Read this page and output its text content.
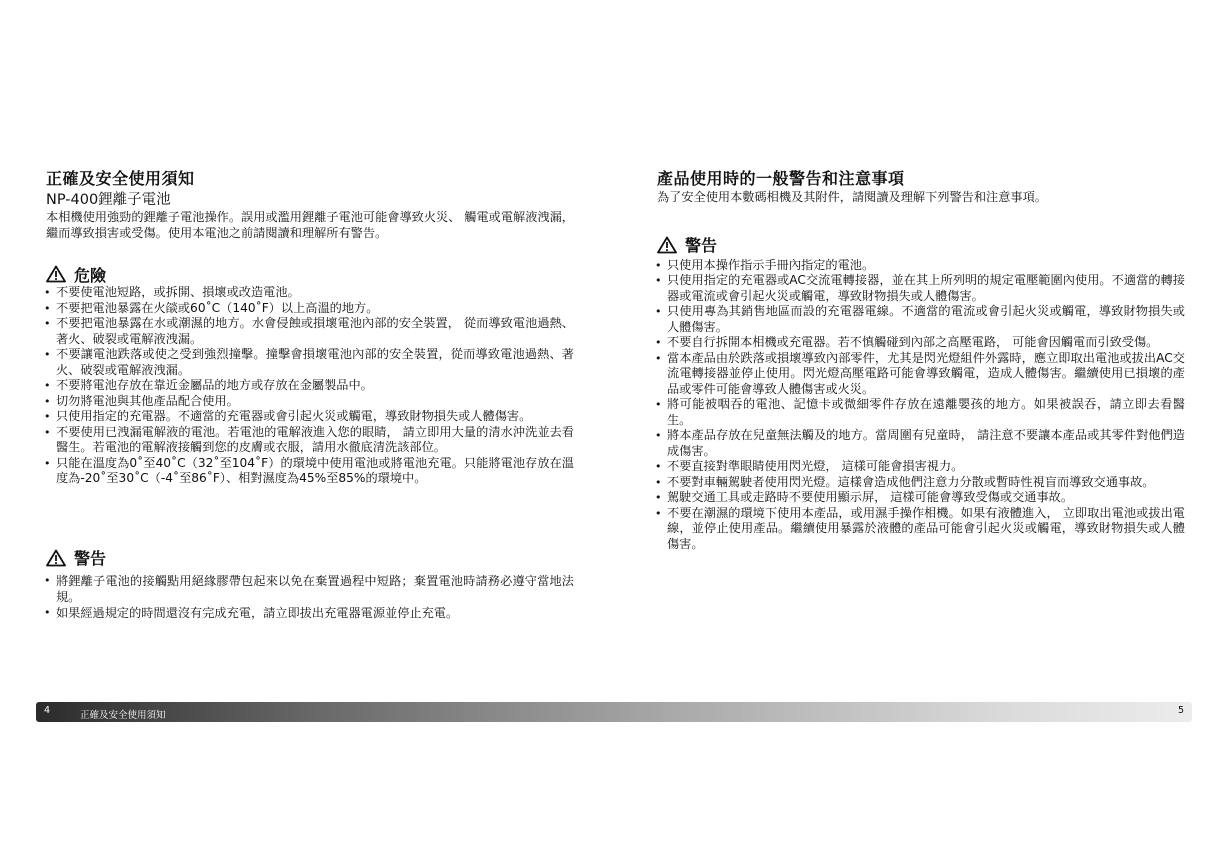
正確及安全使用須知
NP-400鋰離子電池

本相機使用強勁的鋰離子電池操作。誤用或濫用鋰離子電池可能會導致火災、 觸電或電解液洩漏，繼而導致損害或受傷。使用本電池之前請閱讀和理解所有警告。

危險
• 不要使電池短路，或拆開、損壞或改造電池。
• 不要把電池暴露在火燄或60˚C（140˚F）以上高溫的地方。
• 不要把電池暴露在水或潮濕的地方。水會侵蝕或損壞電池內部的安全裝置， 從而導致電池過熱、著火、破裂或電解液洩漏。
• 不要讓電池跌落或使之受到強烈撞擊。撞擊會損壞電池內部的安全裝置，從而導致電池過熱、著火、破裂或電解液洩漏。
• 不要將電池存放在靠近金屬品的地方或存放在金屬製品中。
• 切勿將電池與其他產品配合使用。
• 只使用指定的充電器。不適當的充電器或會引起火災或觸電，導致財物損失或人體傷害。
• 不要使用已洩漏電解液的電池。若電池的電解液進入您的眼睛， 請立即用大量的清水沖洗並去看醫生。若電池的電解液接觸到您的皮膚或衣服，請用水徹底清洗該部位。
• 只能在溫度為0˚至40˚C（32˚至104˚F）的環境中使用電池或將電池充電。只能將電池存放在溫度為-20˚至30˚C（-4˚至86˚F）、相對濕度為45%至85%的環境中。
警告
• 將鋰離子電池的接觸點用絕緣膠帶包起來以免在棄置過程中短路；棄置電池時請務必遵守當地法規。
• 如果經過規定的時間還沒有完成充電，請立即拔出充電器電源並停止充電。
產品使用時的一般警告和注意事項

為了安全使用本數碼相機及其附件，請閱讀及理解下列警告和注意事項。

警告
• 只使用本操作指示手冊內指定的電池。
• 只使用指定的充電器或AC交流電轉接器，並在其上所列明的規定電壓範圍內使用。不適當的轉接器或電流或會引起火災或觸電，導致財物損失或人體傷害。
• 只使用專為其銷售地區而設的充電器電線。不適當的電流或會引起火災或觸電，導致財物損失或人體傷害。
• 不要自行拆開本相機或充電器。若不慎觸碰到內部之高壓電路， 可能會因觸電而引致受傷。
• 當本產品由於跌落或損壞導致內部零件，尤其是閃光燈組件外露時，應立即取出電池或拔出AC交流電轉接器並停止使用。閃光燈高壓電路可能會導致觸電，造成人體傷害。繼續使用已損壞的產品或零件可能會導致人體傷害或火災。
• 將可能被咽吞的電池、記憶卡或微細零件存放在遠離嬰孩的地方。如果被誤吞，請立即去看醫生。
• 將本產品存放在兒童無法觸及的地方。當周圍有兒童時， 請注意不要讓本產品或其零件對他們造成傷害。
• 不要直接對準眼睛使用閃光燈， 這樣可能會損害視力。
• 不要對車輛駕駛者使用閃光燈。這樣會造成他們注意力分散或暫時性視盲而導致交通事故。
• 駕駛交通工具或走路時不要使用顯示屏， 這樣可能會導致受傷或交通事故。
• 不要在潮濕的環境下使用本產品，或用濕手操作相機。如果有液體進入， 立即取出電池或拔出電線，並停止使用產品。繼續使用暴露於液體的產品可能會引起火災或觸電，導致財物損失或人體傷害。
4	正確及安全使用須知	5
